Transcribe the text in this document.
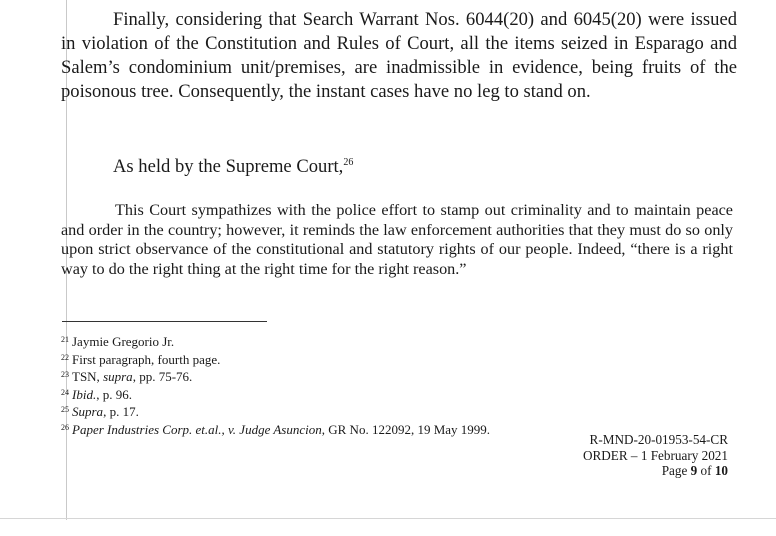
Finally, considering that Search Warrant Nos. 6044(20) and 6045(20) were issued in violation of the Constitution and Rules of Court, all the items seized in Esparago and Salem’s condominium unit/premises, are inadmissible in evidence, being fruits of the poisonous tree. Consequently, the instant cases have no leg to stand on.

As held by the Supreme Court,$^{26}$

This Court sympathizes with the police effort to stamp out criminality and to maintain peace and order in the country; however, it reminds the law enforcement authorities that they must do so only upon strict observance of the constitutional and statutory rights of our people. Indeed, “there is a right way to do the right thing at the right time for the right reason.”

$^{21}$ Jaymie Gregorio Jr.
$^{22}$ First paragraph, fourth page.
$^{23}$ TSN, supra, pp. 75-76.
$^{24}$ Ibid., p. 96.
$^{25}$ Supra, p. 17.
$^{26}$ Paper Industries Corp. et.al., v. Judge Asuncion, GR No. 122092, 19 May 1999.
R-MND-20-01953-54-CR
ORDER – 1 February 2021
Page 9 of 10
